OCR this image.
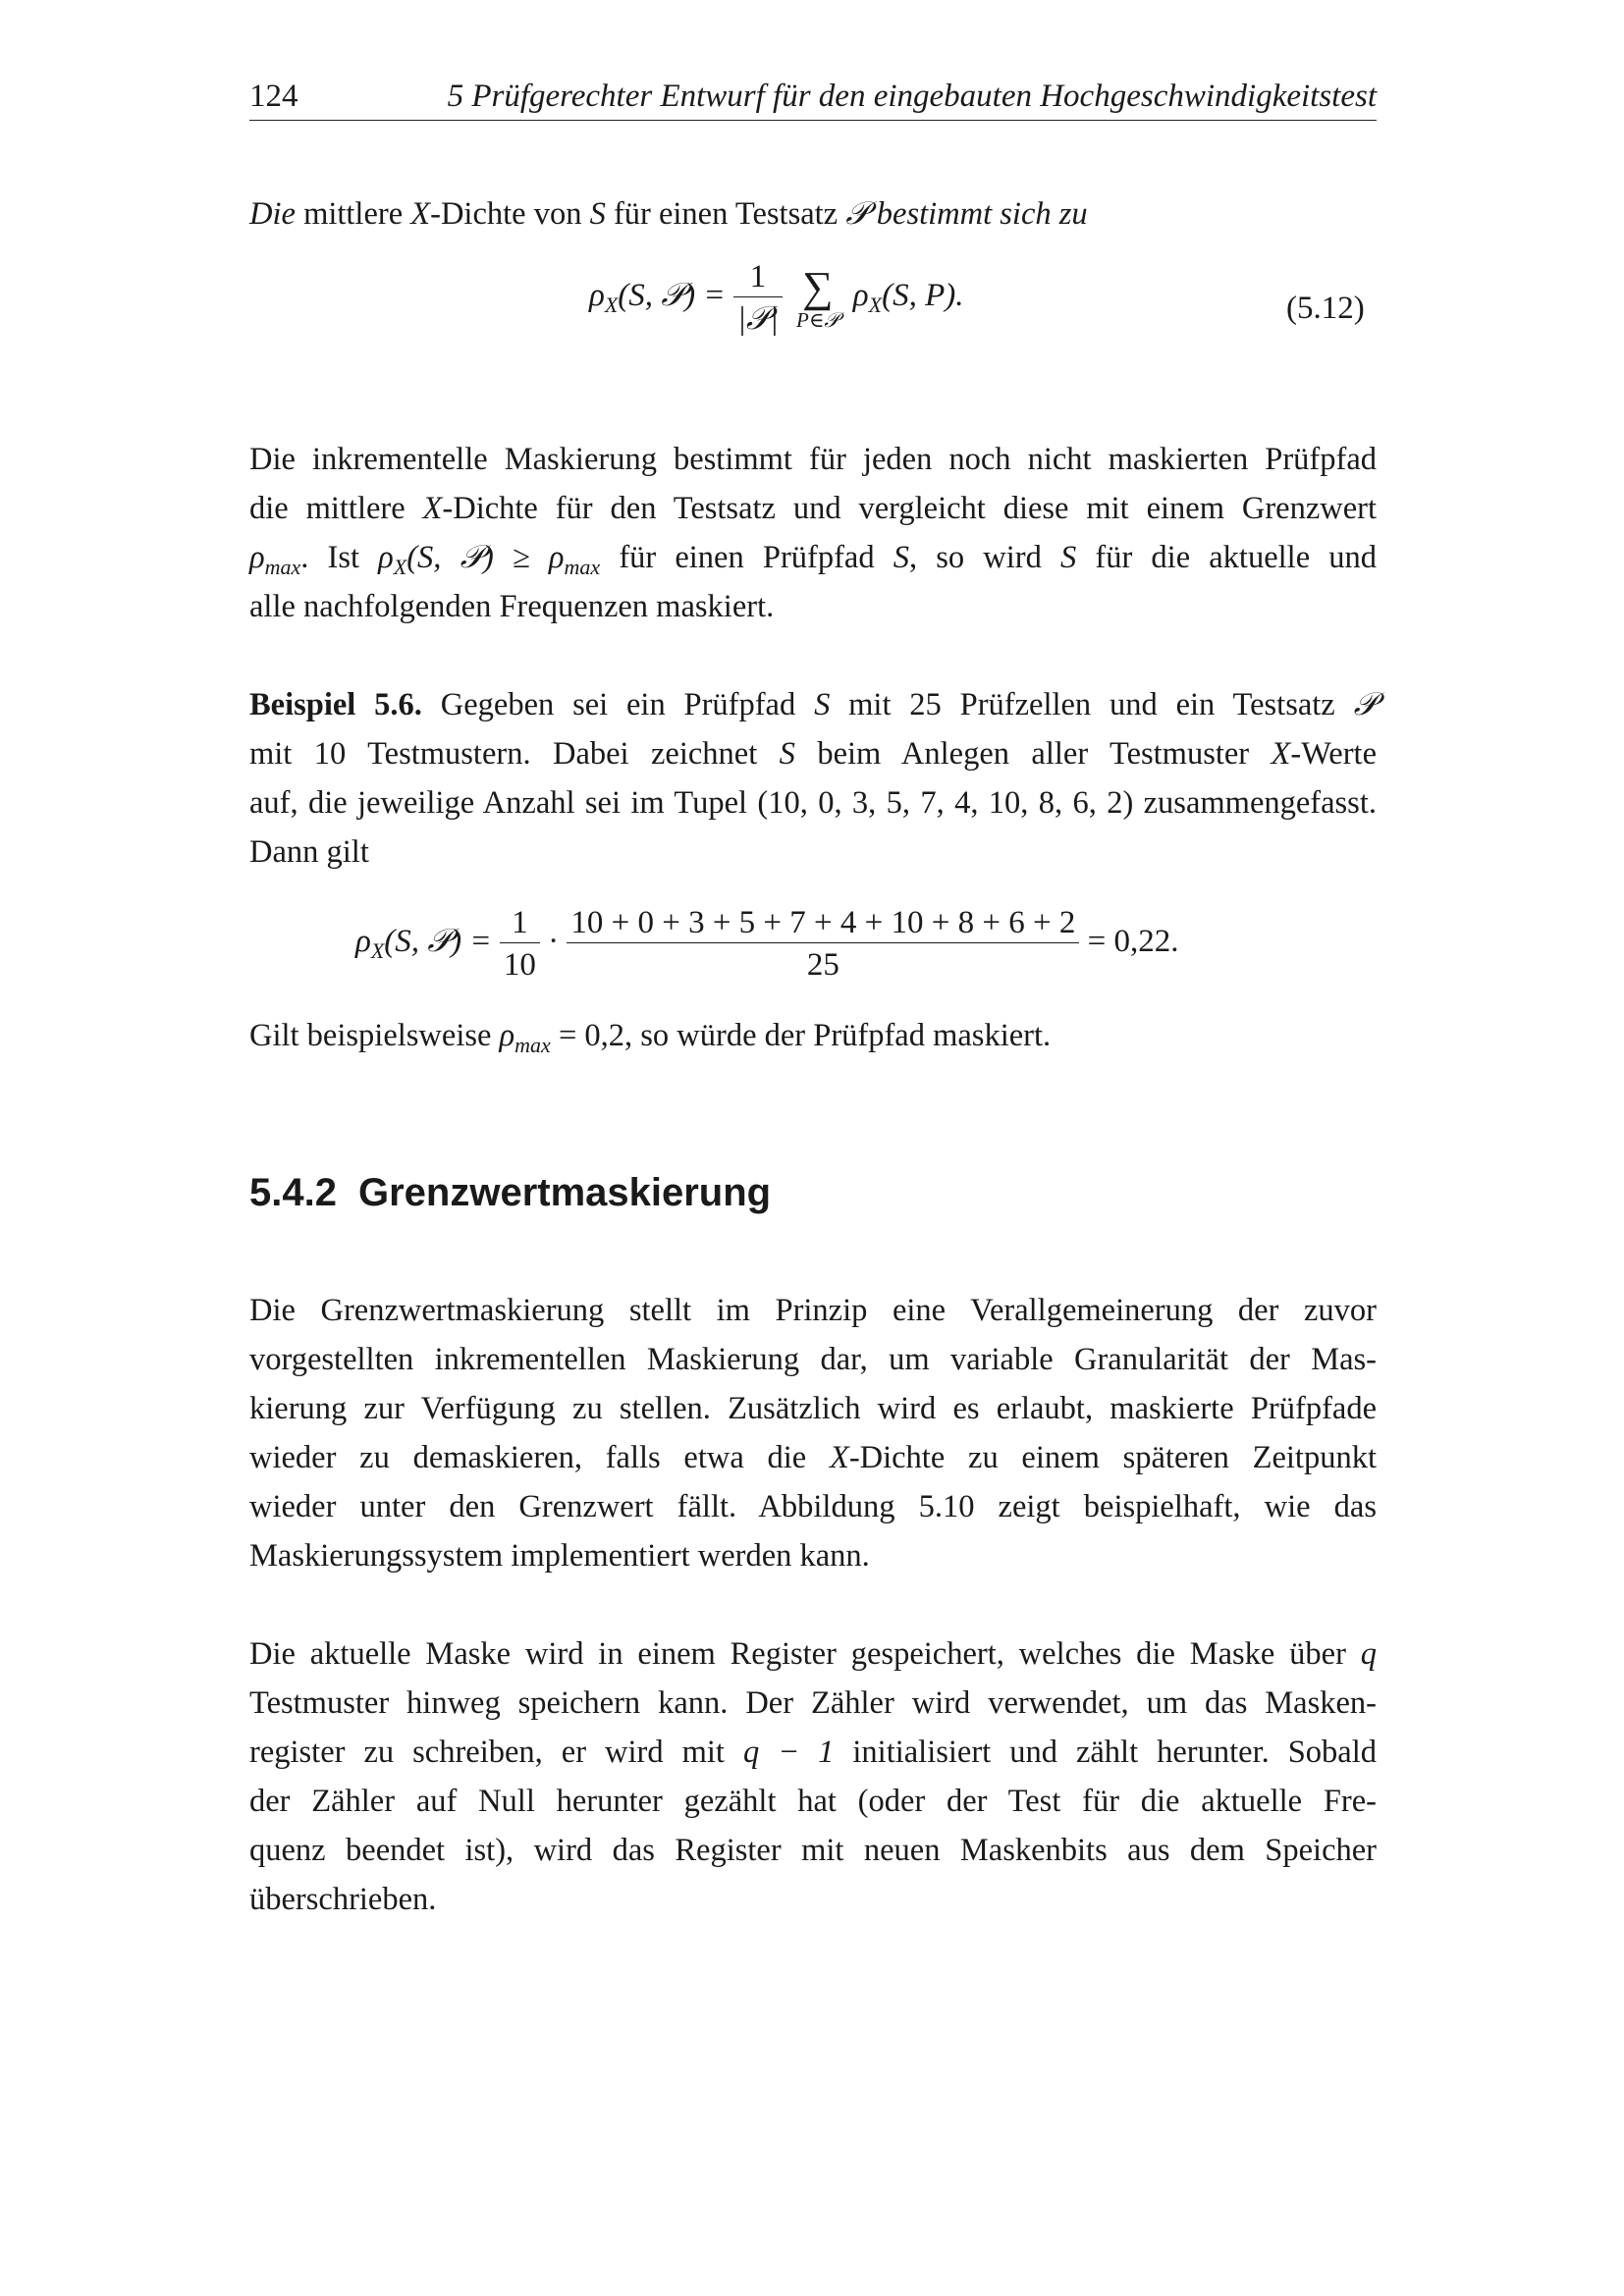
124	5 Prüfgerechter Entwurf für den eingebauten Hochgeschwindigkeitstest
Die mittlere X-Dichte von S für einen Testsatz 𝒫 bestimmt sich zu
$\rho_X(S$, 𝒫) = $\frac{1}{\text{|𝒫|}}$
∑
P∈𝒫
$\rho_X(S$, P).	(5.12)
Die inkrementelle Maskierung bestimmt für jeden noch nicht maskierten Prüfpfad
die mittlere X-Dichte für den Testsatz und vergleicht diese mit einem Grenzwert
$\rho_{max}$. Ist $\rho_X(S$, 𝒫) ≥ $\rho_{max}$ für einen Prüfpfad S, so wird S für die aktuelle und
alle nachfolgenden Frequenzen maskiert.
Beispiel 5.6. Gegeben sei ein Prüfpfad S mit 25 Prüfzellen und ein Testsatz 𝒫
mit 10 Testmustern. Dabei zeichnet S beim Anlegen aller Testmuster X-Werte
auf, die jeweilige Anzahl sei im Tupel (10, 0, 3, 5, 7, 4, 10, 8, 6, 2) zusammengefasst.
Dann gilt
$\rho_X(S$, 𝒫) = $\frac{1}{10} \cdot \frac{10 + 0 + 3 + 5 + 7 + 4 + 10 + 8 + 6 + 2}{25} = 0,22$.
Gilt beispielsweise $\rho_{max} = 0,2$, so würde der Prüfpfad maskiert.
5.4.2 Grenzwertmaskierung
Die Grenzwertmaskierung stellt im Prinzip eine Verallgemeinerung der zuvor
vorgestellten inkrementellen Maskierung dar, um variable Granularität der Mas-
kierung zur Verfügung zu stellen. Zusätzlich wird es erlaubt, maskierte Prüfpfade
wieder zu demaskieren, falls etwa die X-Dichte zu einem späteren Zeitpunkt
wieder unter den Grenzwert fällt. Abbildung 5.10 zeigt beispielhaft, wie das
Maskierungssystem implementiert werden kann.
Die aktuelle Maske wird in einem Register gespeichert, welches die Maske über q
Testmuster hinweg speichern kann. Der Zähler wird verwendet, um das Masken-
register zu schreiben, er wird mit q − 1 initialisiert und zählt herunter. Sobald
der Zähler auf Null herunter gezählt hat (oder der Test für die aktuelle Fre-
quenz beendet ist), wird das Register mit neuen Maskenbits aus dem Speicher
überschrieben.
